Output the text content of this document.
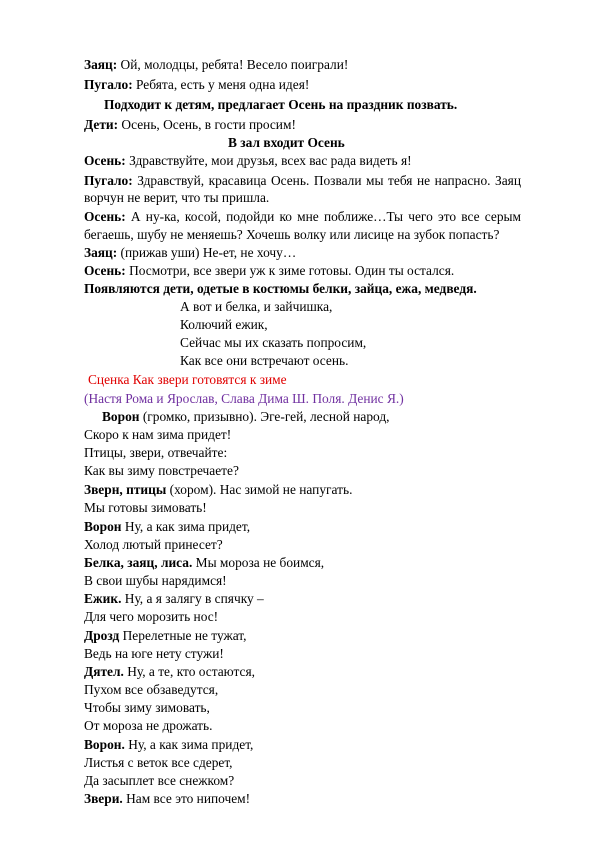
Заяц: Ой, молодцы, ребята! Весело поиграли!
Пугало: Ребята, есть у меня одна идея!
Подходит к детям, предлагает Осень на праздник позвать.
Дети: Осень, Осень, в гости просим!
В зал входит Осень
Осень: Здравствуйте, мои друзья, всех вас рада видеть я!
Пугало: Здравствуй, красавица Осень. Позвали мы тебя не напрасно. Заяц
ворчун не верит, что ты пришла.
Осень: А ну-ка, косой, подойди ко мне поближе…Ты чего это все серым
бегаешь, шубу не меняешь? Хочешь волку или лисице на зубок попасть?
Заяц: (прижав уши) Не-ет, не хочу…
Осень: Посмотри, все звери уж к зиме готовы. Один ты остался.
Появляются дети, одетые в костюмы белки, зайца, ежа, медведя.
А вот и белка, и зайчишка,
Колючий ежик,
Сейчас мы их сказать попросим,
Как все они встречают осень.
Сценка Как звери готовятся к зиме
(Настя Рома и Ярослав, Слава Дима Ш. Поля. Денис Я.)
Ворон (громко, призывно). Эге-гей, лесной народ,
Скоро к нам зима придет!
Птицы, звери, отвечайте:
Как вы зиму повстречаете?
Зверн, птицы (хором). Нас зимой не напугать.
Мы готовы зимовать!
Ворон Ну, а как зима придет,
Холод лютый принесет?
Белка, заяц, лиса. Мы мороза не боимся,
В свои шубы нарядимся!
Ежик. Ну, а я залягу в спячку –
Для чего морозить нос!
Дрозд Перелетные не тужат,
Ведь на юге нету стужи!
Дятел. Ну, а те, кто остаются,
Пухом все обзаведутся,
Чтобы зиму зимовать,
От мороза не дрожать.
Ворон. Ну, а как зима придет,
Листья с веток все сдерет,
Да засыплет все снежком?
Звери. Нам все это нипочем!
